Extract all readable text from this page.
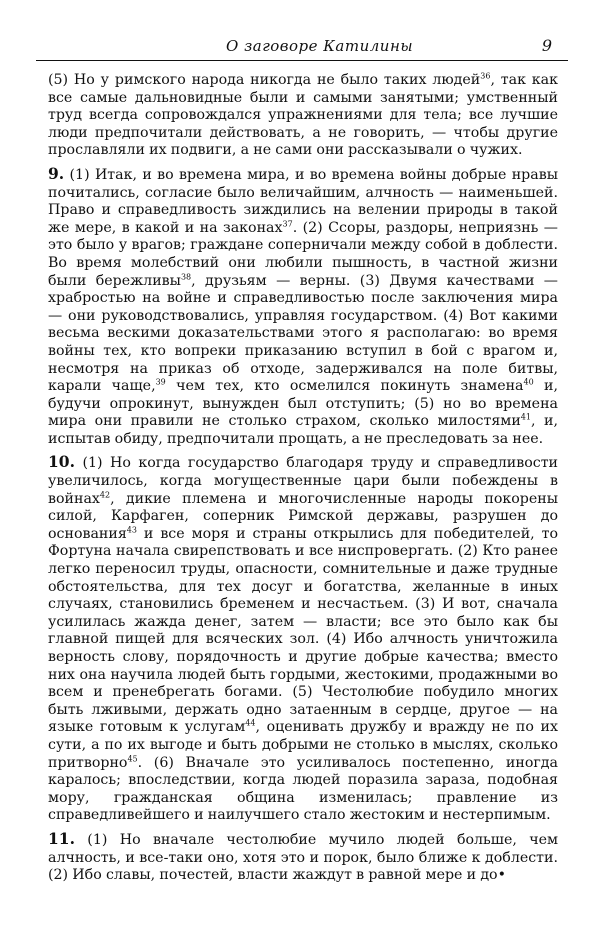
О заговоре Катилины	9

(5) Но у римского народа никогда не было таких людей$^{36}$, так как все самые дальновидные были и самыми занятыми; умственный труд всегда сопровождался упражнениями для тела; все лучшие люди предпочитали действовать, а не говорить, — чтобы другие прославляли их подвиги, а не сами они рассказывали о чужих.

9. (1) Итак, и во времена мира, и во времена войны добрые нравы почитались, согласие было величайшим, алчность — наименьшей. Право и справедливость зиждились на велении природы в такой же мере, в какой и на законах$^{37}$. (2) Ссоры, раздоры, неприязнь — это было у врагов; граждане соперничали между собой в доблести. Во время молебствий они любили пышность, в частной жизни были бережливы$^{38}$, друзьям — верны. (3) Двумя качествами — храбростью на войне и справедливостью после заключения мира — они руководствовались, управляя государством. (4) Вот какими весьма вескими доказательствами этого я располагаю: во время войны тех, кто вопреки приказанию вступил в бой с врагом и, несмотря на приказ об отходе, задерживался на поле битвы, карали чаще,$^{39}$ чем тех, кто осмелился покинуть знамена$^{40}$ и, будучи опрокинут, вынужден был отступить; (5) но во времена мира они правили не столько страхом, сколько милостями$^{41}$, и, испытав обиду, предпочитали прощать, а не преследовать за нее.

10. (1) Но когда государство благодаря труду и справедливости увеличилось, когда могущественные цари были побеждены в войнах$^{42}$, дикие племена и многочисленные народы покорены силой, Карфаген, соперник Римской державы, разрушен до основания$^{43}$ и все моря и страны открылись для победителей, то Фортуна начала свирепствовать и все ниспровергать. (2) Кто ранее легко переносил труды, опасности, сомнительные и даже трудные обстоятельства, для тех досуг и богатства, желанные в иных случаях, становились бременем и несчастьем. (3) И вот, сначала усилилась жажда денег, затем — власти; все это было как бы главной пищей для всяческих зол. (4) Ибо алчность уничтожила верность слову, порядочность и другие добрые качества; вместо них она научила людей быть гордыми, жестокими, продажными во всем и пренебрегать богами. (5) Честолюбие побудило многих быть лживыми, держать одно затаенным в сердце, другое — на языке готовым к услугам$^{44}$, оценивать дружбу и вражду не по их сути, а по их выгоде и быть добрыми не столько в мыслях, сколько притворно$^{45}$. (6) Вначале это усиливалось постепенно, иногда каралось; впоследствии, когда людей поразила зараза, подобная мору, гражданская община изменилась; правление из справедливейшего и наилучшего стало жестоким и нестерпимым.

11. (1) Но вначале честолюбие мучило людей больше, чем алчность, и все-таки оно, хотя это и порок, было ближе к доблести. (2) Ибо славы, почестей, власти жаждут в равной мере и до•
